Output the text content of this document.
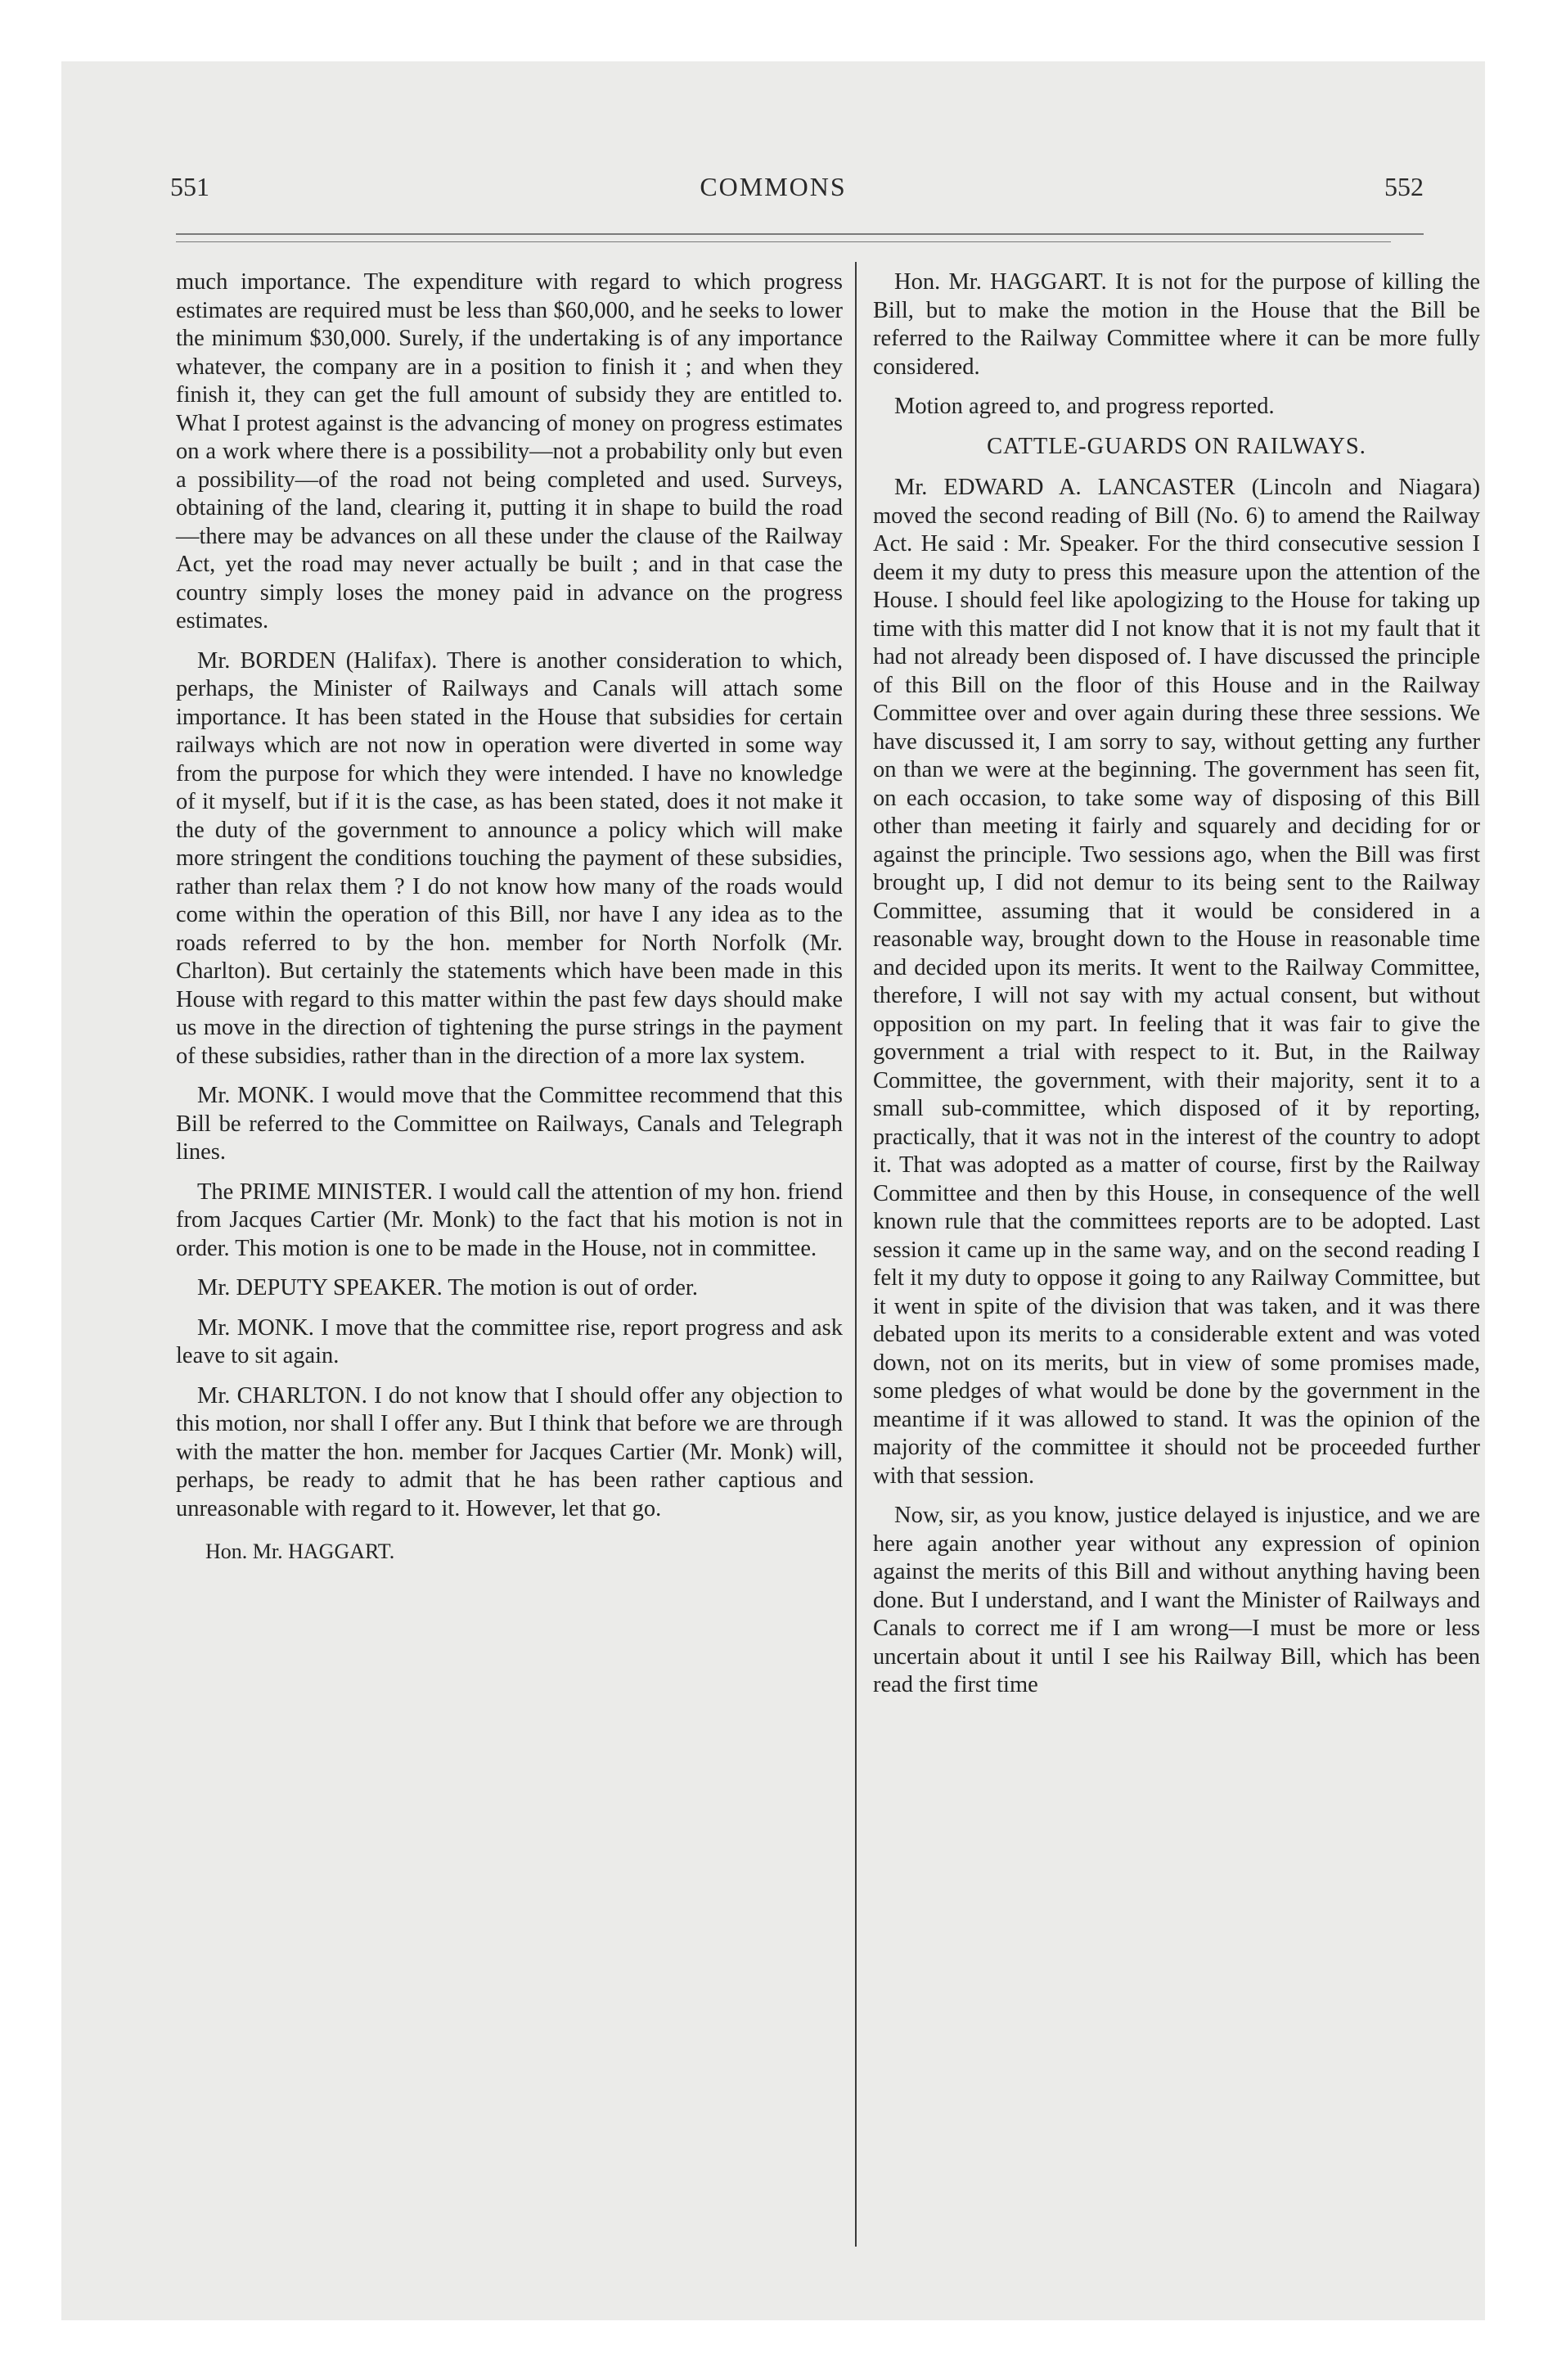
551	COMMONS	552

much importance. The expenditure with regard to which progress estimates are required must be less than $60,000, and he seeks to lower the minimum $30,000. Surely, if the undertaking is of any importance whatever, the company are in a position to finish it ; and when they finish it, they can get the full amount of subsidy they are entitled to. What I protest against is the advancing of money on progress estimates on a work where there is a possibility—not a probability only but even a possibility—of the road not being completed and used. Surveys, obtaining of the land, clearing it, putting it in shape to build the road —there may be advances on all these under the clause of the Railway Act, yet the road may never actually be built ; and in that case the country simply loses the money paid in advance on the progress estimates.

Mr. BORDEN (Halifax). There is another consideration to which, perhaps, the Minister of Railways and Canals will attach some importance. It has been stated in the House that subsidies for certain railways which are not now in operation were diverted in some way from the purpose for which they were intended. I have no knowledge of it myself, but if it is the case, as has been stated, does it not make it the duty of the government to announce a policy which will make more stringent the conditions touching the payment of these subsidies, rather than relax them ? I do not know how many of the roads would come within the operation of this Bill, nor have I any idea as to the roads referred to by the hon. member for North Norfolk (Mr. Charlton). But certainly the statements which have been made in this House with regard to this matter within the past few days should make us move in the direction of tightening the purse strings in the payment of these subsidies, rather than in the direction of a more lax system.

Mr. MONK. I would move that the Committee recommend that this Bill be referred to the Committee on Railways, Canals and Telegraph lines.

The PRIME MINISTER. I would call the attention of my hon. friend from Jacques Cartier (Mr. Monk) to the fact that his motion is not in order. This motion is one to be made in the House, not in committee.

Mr. DEPUTY SPEAKER. The motion is out of order.

Mr. MONK. I move that the committee rise, report progress and ask leave to sit again.

Mr. CHARLTON. I do not know that I should offer any objection to this motion, nor shall I offer any. But I think that before we are through with the matter the hon. member for Jacques Cartier (Mr. Monk) will, perhaps, be ready to admit that he has been rather captious and unreasonable with regard to it. However, let that go.

Hon. Mr. HAGGART.

Hon. Mr. HAGGART. It is not for the purpose of killing the Bill, but to make the motion in the House that the Bill be referred to the Railway Committee where it can be more fully considered.

Motion agreed to, and progress reported.

CATTLE-GUARDS ON RAILWAYS.

Mr. EDWARD A. LANCASTER (Lincoln and Niagara) moved the second reading of Bill (No. 6) to amend the Railway Act. He said : Mr. Speaker. For the third consecutive session I deem it my duty to press this measure upon the attention of the House. I should feel like apologizing to the House for taking up time with this matter did I not know that it is not my fault that it had not already been disposed of. I have discussed the principle of this Bill on the floor of this House and in the Railway Committee over and over again during these three sessions. We have discussed it, I am sorry to say, without getting any further on than we were at the beginning. The government has seen fit, on each occasion, to take some way of disposing of this Bill other than meeting it fairly and squarely and deciding for or against the principle. Two sessions ago, when the Bill was first brought up, I did not demur to its being sent to the Railway Committee, assuming that it would be considered in a reasonable way, brought down to the House in reasonable time and decided upon its merits. It went to the Railway Committee, therefore, I will not say with my actual consent, but without opposition on my part. In feeling that it was fair to give the government a trial with respect to it. But, in the Railway Committee, the government, with their majority, sent it to a small sub-committee, which disposed of it by reporting, practically, that it was not in the interest of the country to adopt it. That was adopted as a matter of course, first by the Railway Committee and then by this House, in consequence of the well known rule that the committees reports are to be adopted. Last session it came up in the same way, and on the second reading I felt it my duty to oppose it going to any Railway Committee, but it went in spite of the division that was taken, and it was there debated upon its merits to a considerable extent and was voted down, not on its merits, but in view of some promises made, some pledges of what would be done by the government in the meantime if it was allowed to stand. It was the opinion of the majority of the committee it should not be proceeded further with that session.

Now, sir, as you know, justice delayed is injustice, and we are here again another year without any expression of opinion against the merits of this Bill and without anything having been done. But I understand, and I want the Minister of Railways and Canals to correct me if I am wrong—I must be more or less uncertain about it until I see his Railway Bill, which has been read the first time
